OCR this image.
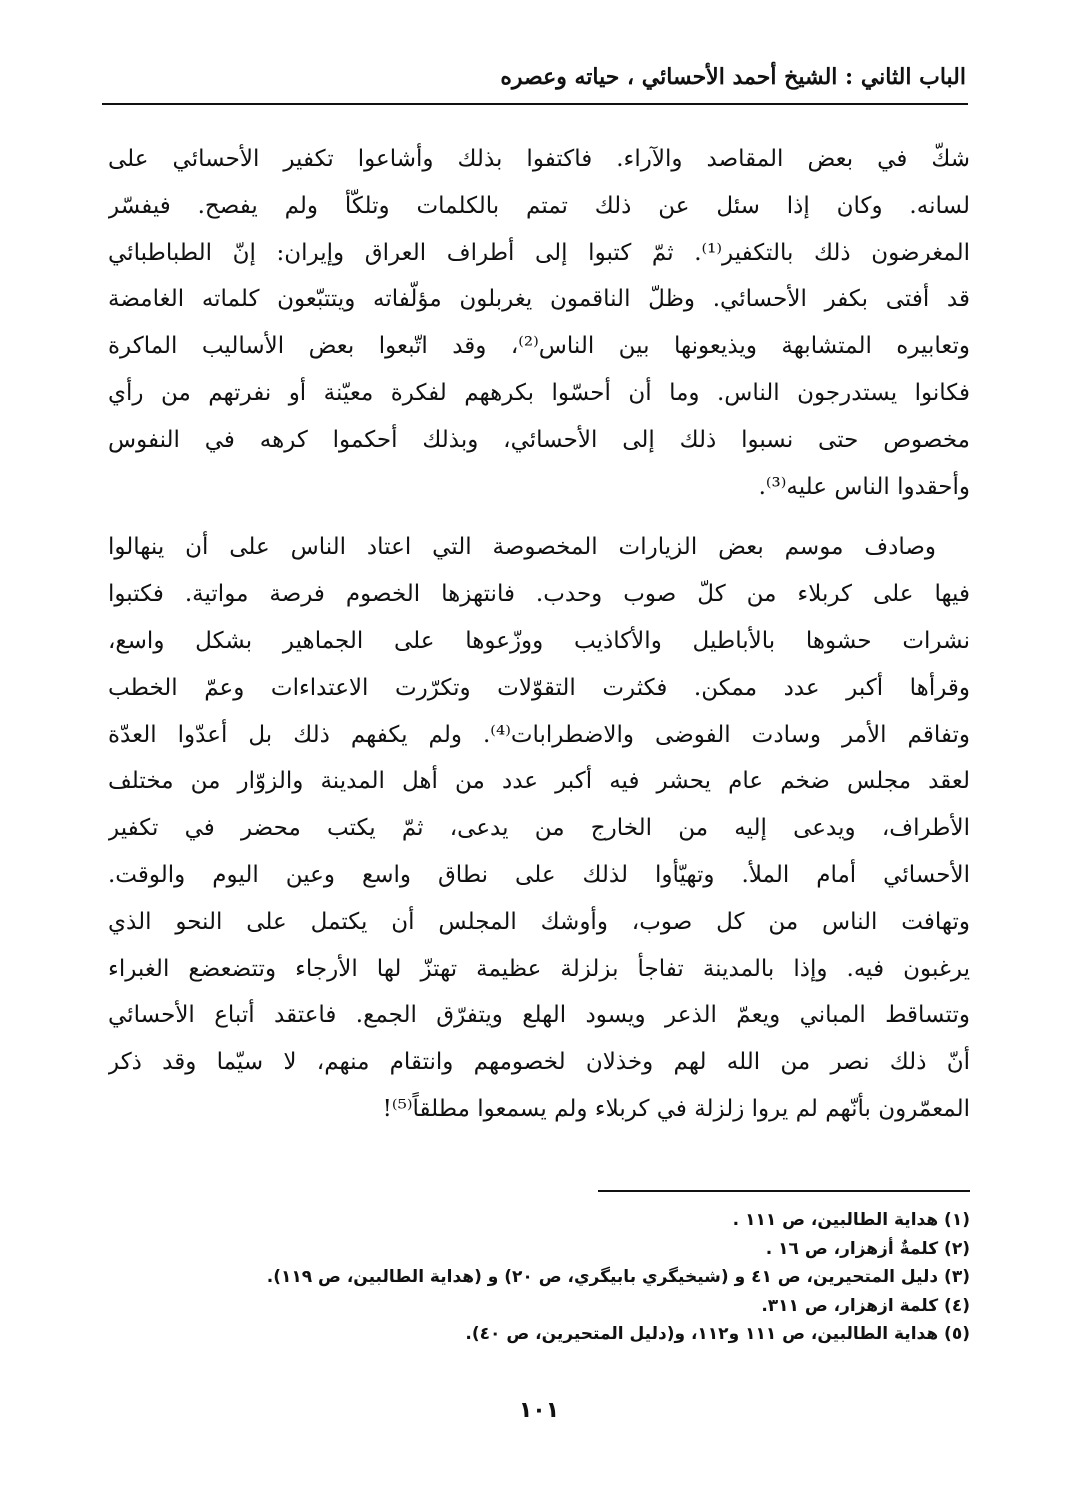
الباب الثاني : الشيخ أحمد الأحسائي ، حياته وعصره
شكّ في بعض المقاصد والآراء. فاكتفوا بذلك وأشاعوا تكفير الأحسائي على
لسانه. وكان إذا سئل عن ذلك تمتم بالكلمات وتلكّأ ولم يفصح. فيفسّر
المغرضون ذلك بالتكفير⁽¹⁾. ثمّ كتبوا إلى أطراف العراق وإيران: إنّ الطباطبائي
قد أفتى بكفر الأحسائي. وظلّ الناقمون يغربلون مؤلّفاته ويتتبّعون كلماته الغامضة
وتعابيره المتشابهة ويذيعونها بين الناس⁽²⁾، وقد اتّبعوا بعض الأساليب الماكرة
فكانوا يستدرجون الناس. وما أن أحسّوا بكرههم لفكرة معيّنة أو نفرتهم من رأي
مخصوص حتى نسبوا ذلك إلى الأحسائي، وبذلك أحكموا كرهه في النفوس
وأحقدوا الناس عليه⁽³⁾.
وصادف موسم بعض الزيارات المخصوصة التي اعتاد الناس على أن ينهالوا
فيها على كربلاء من كلّ صوب وحدب. فانتهزها الخصوم فرصة مواتية. فكتبوا
نشرات حشوها بالأباطيل والأكاذيب ووزّعوها على الجماهير بشكل واسع،
وقرأها أكبر عدد ممكن. فكثرت التقوّلات وتكرّرت الاعتداءات وعمّ الخطب
وتفاقم الأمر وسادت الفوضى والاضطرابات⁽⁴⁾. ولم يكفهم ذلك بل أعدّوا العدّة
لعقد مجلس ضخم عام يحشر فيه أكبر عدد من أهل المدينة والزوّار من مختلف
الأطراف، ويدعى إليه من الخارج من يدعى، ثمّ يكتب محضر في تكفير
الأحسائي أمام الملأ. وتهيّأوا لذلك على نطاق واسع وعين اليوم والوقت.
وتهافت الناس من كل صوب، وأوشك المجلس أن يكتمل على النحو الذي
يرغبون فيه. وإذا بالمدينة تفاجأ بزلزلة عظيمة تهتزّ لها الأرجاء وتتضعضع الغبراء
وتتساقط المباني ويعمّ الذعر ويسود الهلع ويتفرّق الجمع. فاعتقد أتباع الأحسائي
أنّ ذلك نصر من الله لهم وخذلان لخصومهم وانتقام منهم، لا سيّما وقد ذكر
المعمّرون بأنّهم لم يروا زلزلة في كربلاء ولم يسمعوا مطلقاً⁽⁵⁾!
(١) هداية الطالبين، ص ١١١ .
(٢) كلمةٌ أزهزار، ص ١٦ .
(٣) دليل المتحيرين، ص ٤١ و (شيخيگري بابيگري، ص ٢٠) و (هداية الطالبين، ص ١١٩).
(٤) كلمة ازهزار، ص ٣١١.
(٥) هداية الطالبين، ص ١١١ و١١٢، و(دليل المتحيرين، ص ٤٠).
١٠١
